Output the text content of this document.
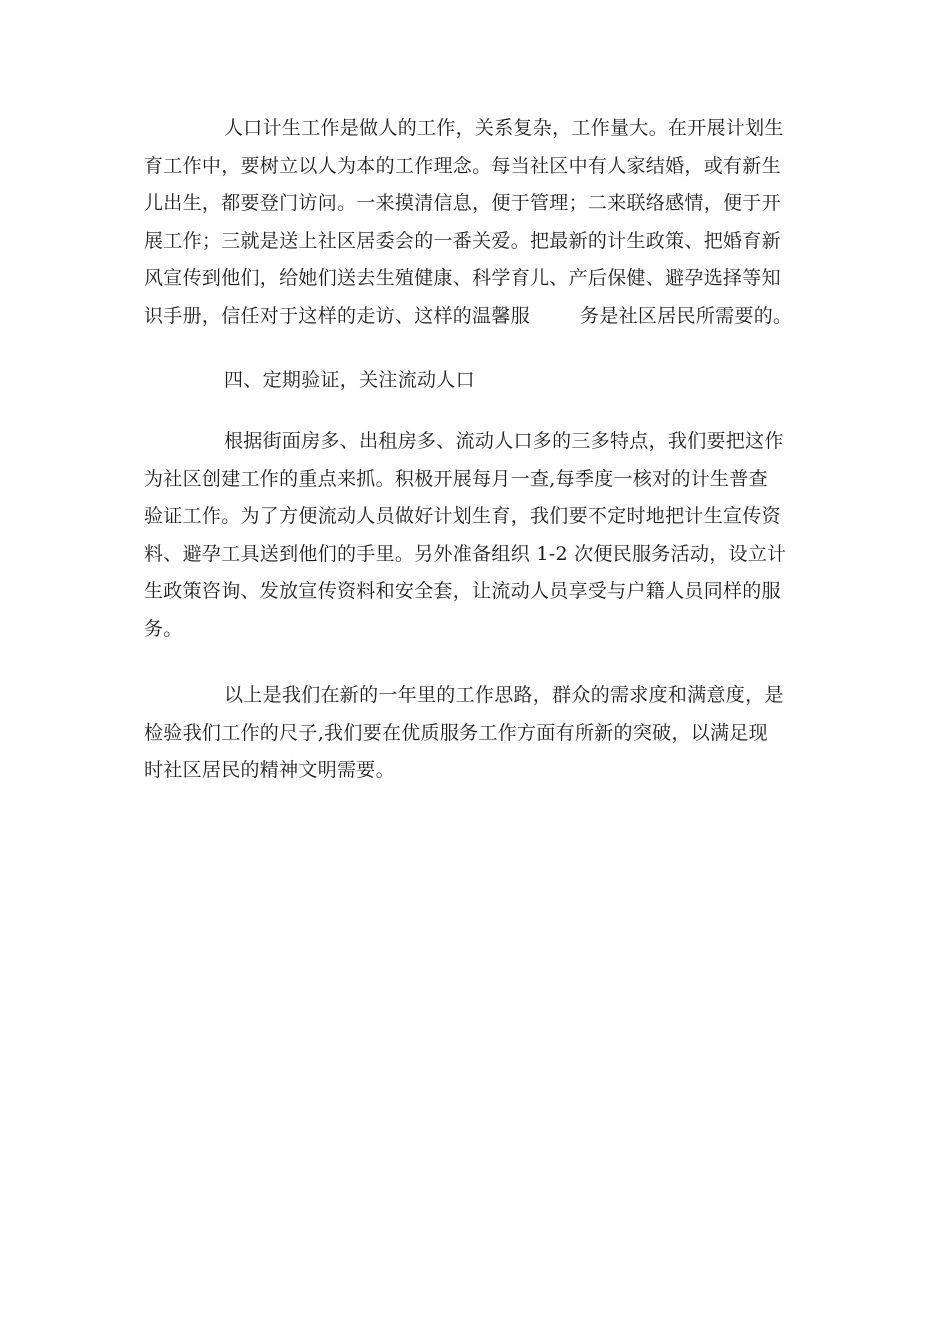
人口计生工作是做人的工作，关系复杂，工作量大。在开展计划生
育工作中，要树立以人为本的工作理念。每当社区中有人家结婚，或有新生
儿出生，都要登门访问。一来摸清信息，便于管理；二来联络感情，便于开
展工作；三就是送上社区居委会的一番关爱。把最新的计生政策、把婚育新
风宣传到他们，给她们送去生殖健康、科学育儿、产后保健、避孕选择等知
识手册，信任对于这样的走访、这样的温馨服	务是社区居民所需要的。
四、定期验证，关注流动人口
根据街面房多、出租房多、流动人口多的三多特点，我们要把这作
为社区创建工作的重点来抓。积极开展每月一查,每季度一核对的计生普查
验证工作。为了方便流动人员做好计划生育，我们要不定时地把计生宣传资
料、避孕工具送到他们的手里。另外准备组织 1-2 次便民服务活动，设立计
生政策咨询、发放宣传资料和安全套，让流动人员享受与户籍人员同样的服
务。
以上是我们在新的一年里的工作思路，群众的需求度和满意度，是
检验我们工作的尺子,我们要在优质服务工作方面有所新的突破，以满足现
时社区居民的精神文明需要。
